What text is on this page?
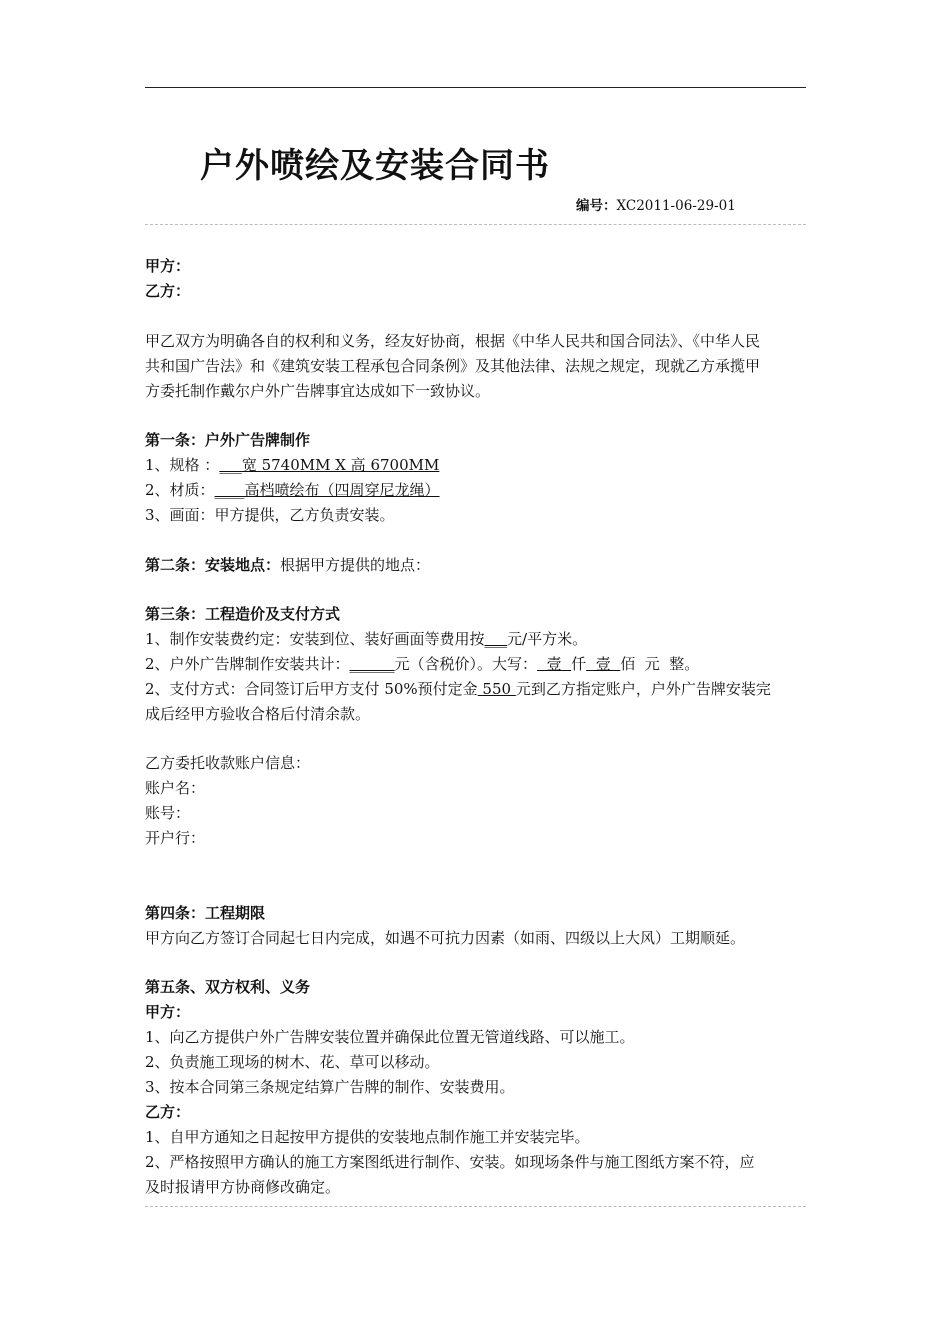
户外喷绘及安装合同书
编号：XC2011-06-29-01
甲方：
乙方：
甲乙双方为明确各自的权利和义务，经友好协商，根据《中华人民共和国合同法》、《中华人民
共和国广告法》和《建筑安装工程承包合同条例》及其他法律、法规之规定，现就乙方承揽甲
方委托制作戴尔户外广告牌事宜达成如下一致协议。
第一条：户外广告牌制作
1、规格 ：___宽 5740MM X 高 6700MM
2、材质：____高档喷绘布（四周穿尼龙绳）
3、画面：甲方提供，乙方负责安装。
第二条：安装地点：根据甲方提供的地点：
第三条：工程造价及支付方式
1、制作安装费约定：安装到位、装好画面等费用按___元/平方米。
2、户外广告牌制作安装共计：______元（含税价）。大写：  壹  仟  壹  佰  元  整。
2、支付方式：合同签订后甲方支付 50%预付定金 550 元到乙方指定账户，户外广告牌安装完
成后经甲方验收合格后付清余款。
乙方委托收款账户信息：
账户名：
账号：
开户行：
第四条：工程期限
甲方向乙方签订合同起七日内完成，如遇不可抗力因素（如雨、四级以上大风）工期顺延。
第五条、双方权利、义务
甲方：
1、向乙方提供户外广告牌安装位置并确保此位置无管道线路、可以施工。
2、负责施工现场的树木、花、草可以移动。
3、按本合同第三条规定结算广告牌的制作、安装费用。
乙方：
1、自甲方通知之日起按甲方提供的安装地点制作施工并安装完毕。
2、严格按照甲方确认的施工方案图纸进行制作、安装。如现场条件与施工图纸方案不符，应
及时报请甲方协商修改确定。
